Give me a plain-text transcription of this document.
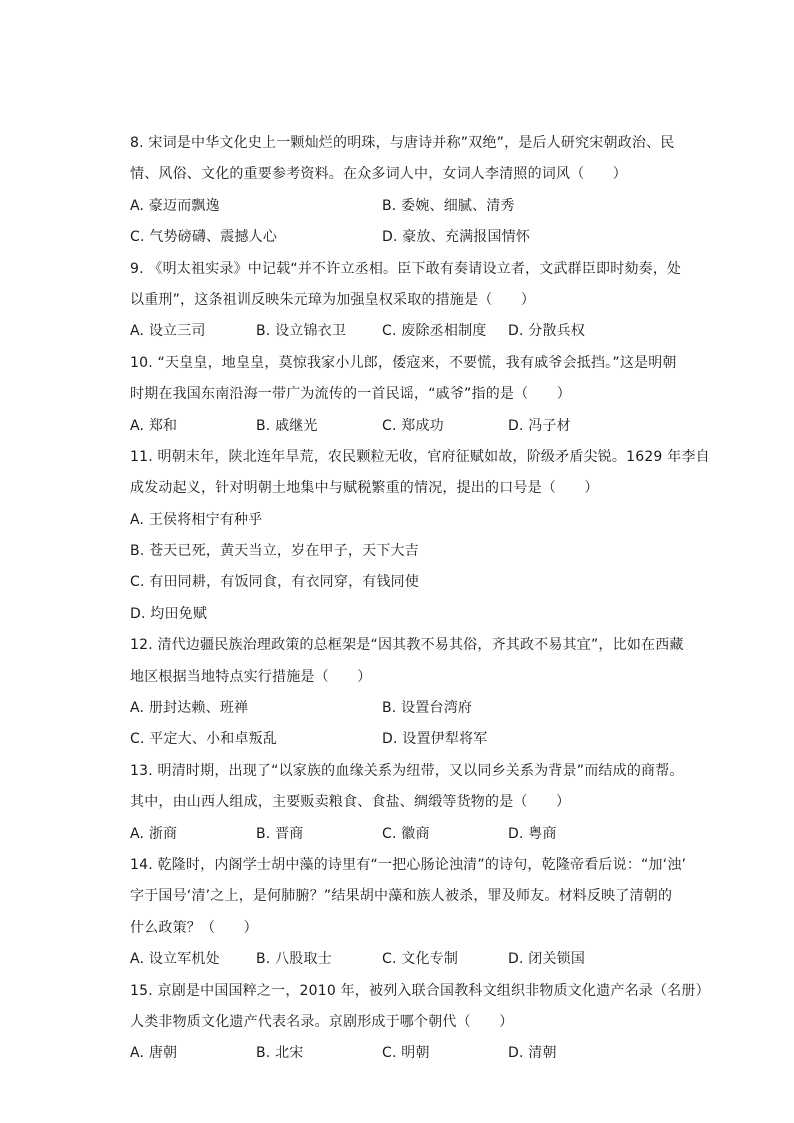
8. 宋词是中华文化史上一颗灿烂的明珠，与唐诗并称”双绝”，是后人研究宋朝政治、民
情、风俗、文化的重要参考资料。在众多词人中，女词人李清照的词风（　　）
A. 豪迈而飘逸	B. 委婉、细腻、清秀
C. 气势磅礴、震撼人心	D. 豪放、充满报国情怀
9. 《明太祖实录》中记载“并不许立丞相。臣下敢有奏请设立者，文武群臣即时劾奏，处
以重刑”，这条祖训反映朱元璋为加强皇权采取的措施是（　　）
A. 设立三司	B. 设立锦衣卫	C. 废除丞相制度	D. 分散兵权
10. “天皇皇，地皇皇，莫惊我家小儿郎，倭寇来，不要慌，我有戚爷会抵挡。”这是明朝
时期在我国东南沿海一带广为流传的一首民谣，“戚爷”指的是（　　）
A. 郑和	B. 戚继光	C. 郑成功	D. 冯子材
11. 明朝末年，陕北连年旱荒，农民颗粒无收，官府征赋如故，阶级矛盾尖锐。1629 年李自
成发动起义，针对明朝土地集中与赋税繁重的情况，提出的口号是（　　）
A. 王侯将相宁有种乎
B. 苍天已死，黄天当立，岁在甲子，天下大吉
C. 有田同耕，有饭同食，有衣同穿，有钱同使
D. 均田免赋
12. 清代边疆民族治理政策的总框架是“因其教不易其俗，齐其政不易其宜”，比如在西藏
地区根据当地特点实行措施是（　　）
A. 册封达赖、班禅	B. 设置台湾府
C. 平定大、小和卓叛乱	D. 设置伊犁将军
13. 明清时期，出现了“以家族的血缘关系为纽带，又以同乡关系为背景”而结成的商帮。
其中，由山西人组成，主要贩卖粮食、食盐、绸缎等货物的是（　　）
A. 浙商	B. 晋商	C. 徽商	D. 粤商
14. 乾隆时，内阁学士胡中藻的诗里有“一把心肠论浊清”的诗句，乾隆帝看后说：“加‘浊’
字于国号‘清’之上，是何肺腑？”结果胡中藻和族人被杀，罪及师友。材料反映了清朝的
什么政策？（　　）
A. 设立军机处	B. 八股取士	C. 文化专制	D. 闭关锁国
15. 京剧是中国国粹之一，2010 年，被列入联合国教科文组织非物质文化遗产名录（名册）
人类非物质文化遗产代表名录。京剧形成于哪个朝代（　　）
A. 唐朝	B. 北宋	C. 明朝	D. 清朝
